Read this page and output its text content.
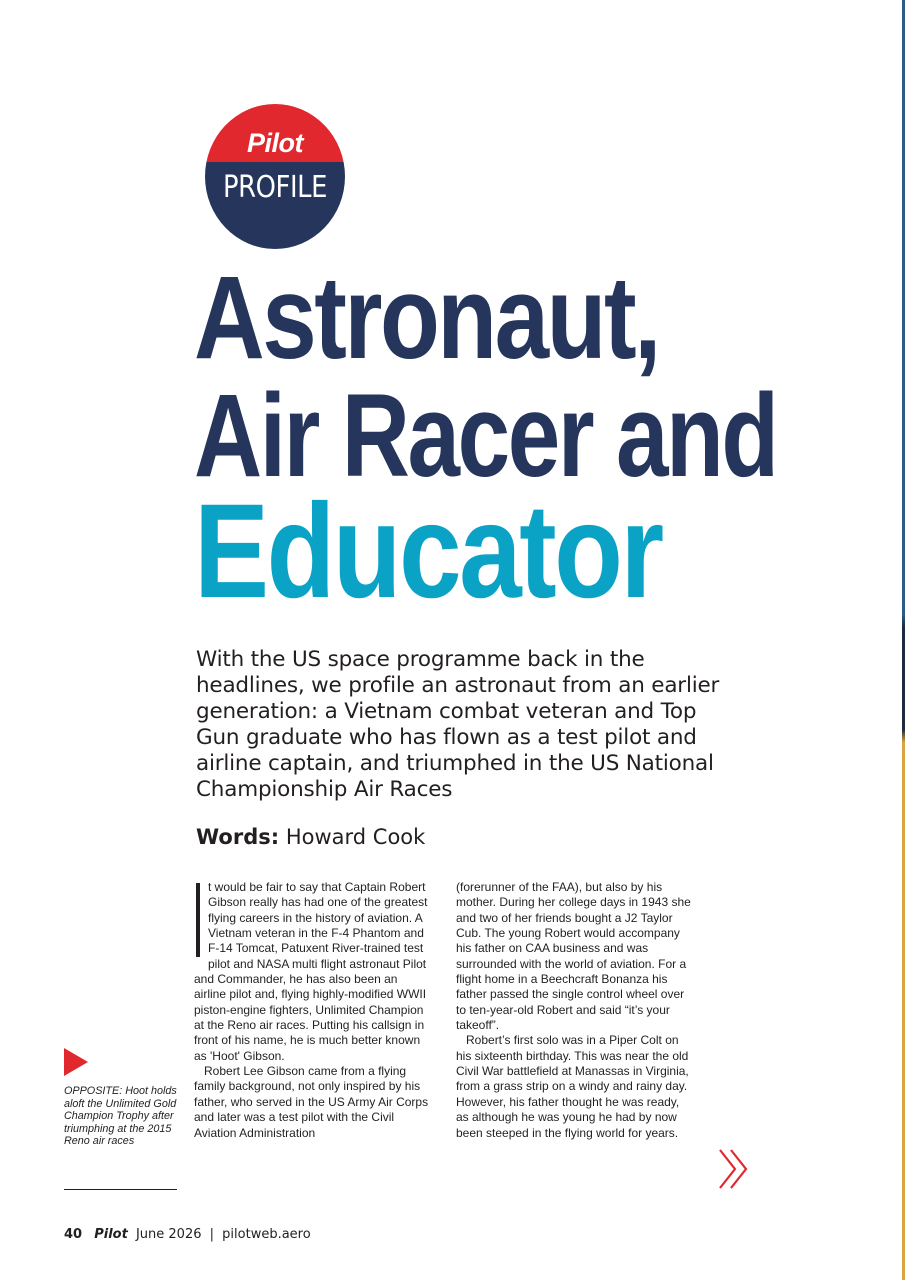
Pilot
PROFILE
Astronaut,
Air Racer and
Educator
With the US space programme back in the headlines, we profile an astronaut from an earlier generation: a Vietnam combat veteran and Top Gun graduate who has flown as a test pilot and airline captain, and triumphed in the US National Championship Air Races
Words: Howard Cook

t would be fair to say that Captain Robert Gibson really has had one of the greatest flying careers in the history of aviation. A Vietnam veteran in the F-4 Phantom and F-14 Tomcat, Patuxent River-trained test pilot and NASA multi flight astronaut Pilot and Commander, he has also been an airline pilot and, flying highly-modified WWII piston-engine fighters, Unlimited Champion at the Reno air races. Putting his callsign in front of his name, he is much better known as 'Hoot' Gibson.

Robert Lee Gibson came from a flying family background, not only inspired by his father, who served in the US Army Air Corps and later was a test pilot with the Civil Aviation Administration

(forerunner of the FAA), but also by his mother. During her college days in 1943 she and two of her friends bought a J2 Taylor Cub. The young Robert would accompany his father on CAA business and was surrounded with the world of aviation. For a flight home in a Beechcraft Bonanza his father passed the single control wheel over to ten-year-old Robert and said “it’s your takeoff”.

Robert’s first solo was in a Piper Colt on his sixteenth birthday. This was near the old Civil War battlefield at Manassas in Virginia, from a grass strip on a windy and rainy day. However, his father thought he was ready, as although he was young he had by now been steeped in the flying world for years.

OPPOSITE: Hoot holds aloft the Unlimited Gold Champion Trophy after triumphing at the 2015 Reno air races
40 Pilot June 2026 | pilotweb.aero
